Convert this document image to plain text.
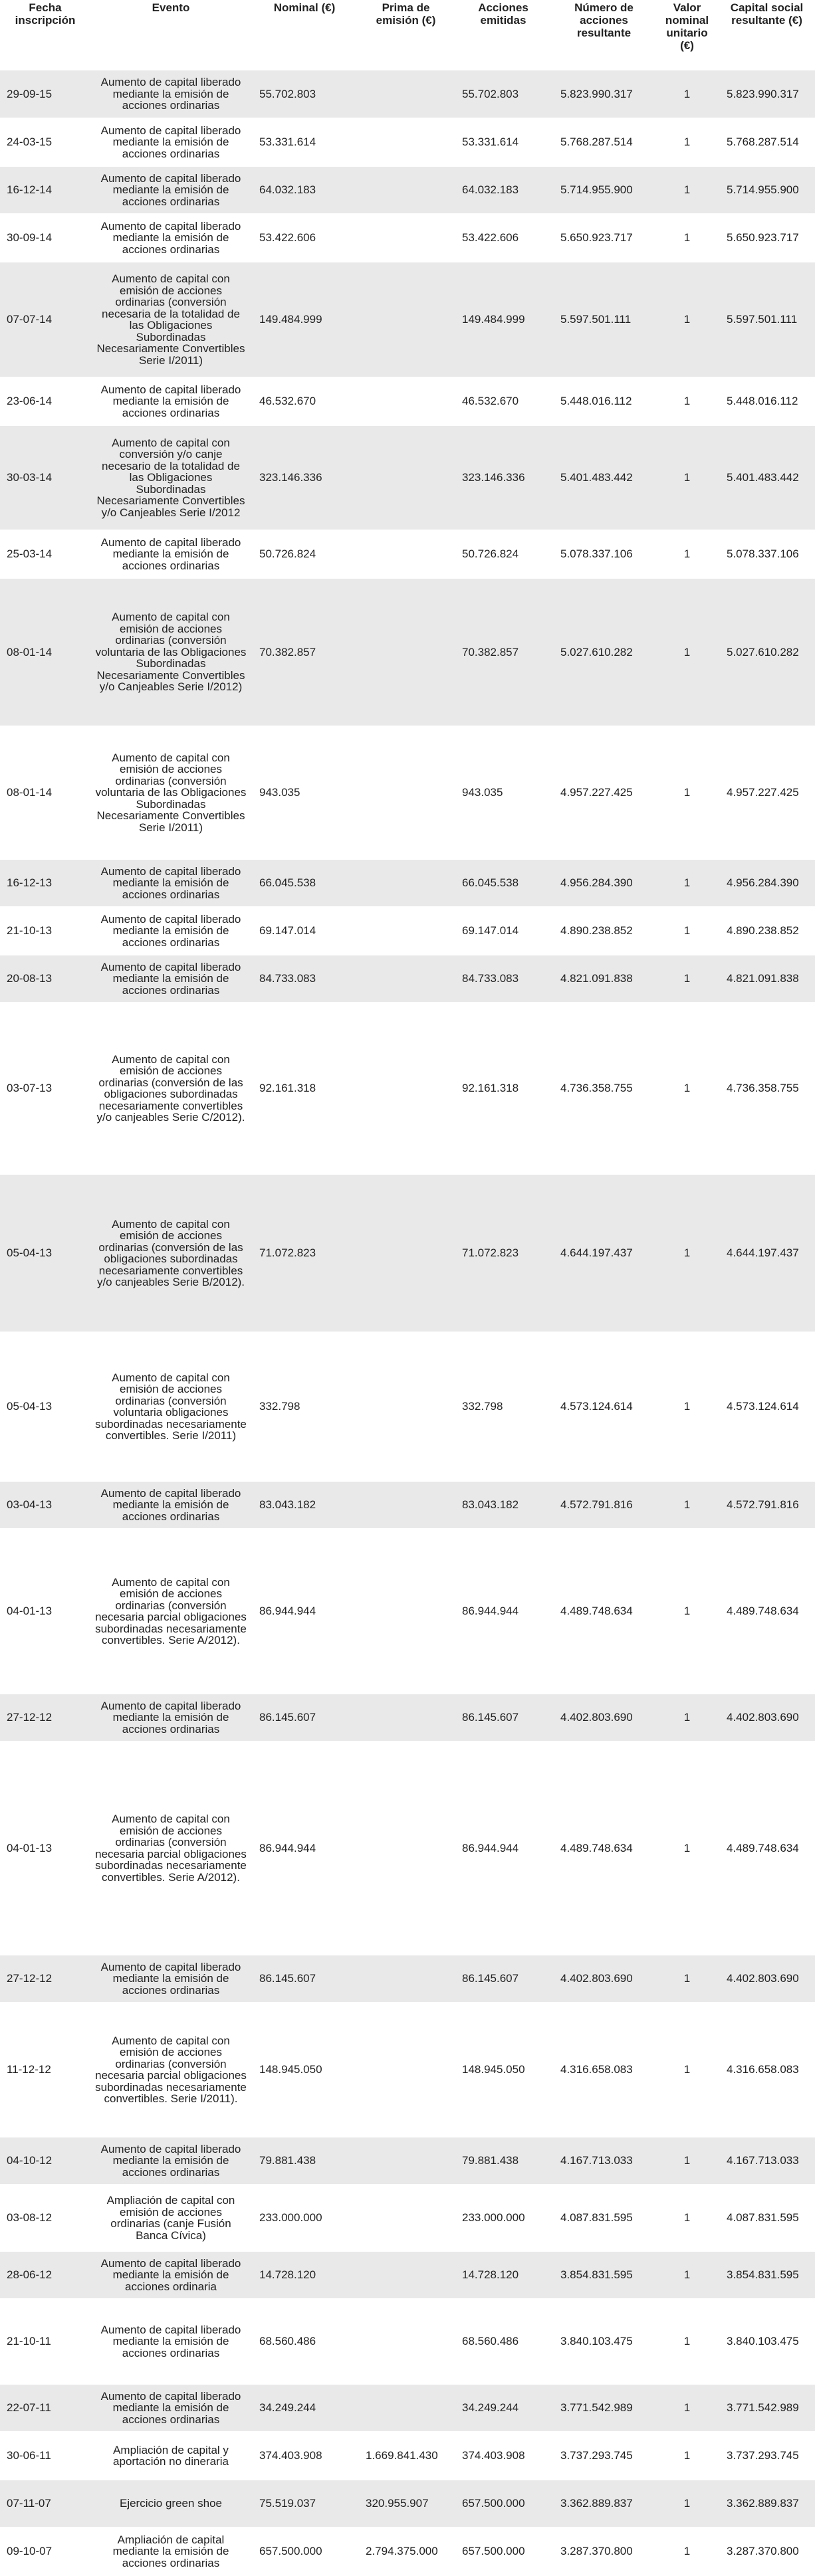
Fecha inscripción	Evento	Nominal (€)	Prima de emisión (€)	Acciones emitidas	Número de acciones resultante	Valor nominal unitario (€)	Capital social resultante (€)
29-09-15	Aumento de capital liberado mediante la emisión de acciones ordinarias	55.702.803		55.702.803	5.823.990.317	1	5.823.990.317
24-03-15	Aumento de capital liberado mediante la emisión de acciones ordinarias	53.331.614		53.331.614	5.768.287.514	1	5.768.287.514
16-12-14	Aumento de capital liberado mediante la emisión de acciones ordinarias	64.032.183		64.032.183	5.714.955.900	1	5.714.955.900
30-09-14	Aumento de capital liberado mediante la emisión de acciones ordinarias	53.422.606		53.422.606	5.650.923.717	1	5.650.923.717
07-07-14	Aumento de capital con emisión de acciones ordinarias (conversión necesaria de la totalidad de las Obligaciones Subordinadas Necesariamente Convertibles Serie I/2011)	149.484.999		149.484.999	5.597.501.111	1	5.597.501.111
23-06-14	Aumento de capital liberado mediante la emisión de acciones ordinarias	46.532.670		46.532.670	5.448.016.112	1	5.448.016.112
30-03-14	Aumento de capital con conversión y/o canje necesario de la totalidad de las Obligaciones Subordinadas Necesariamente Convertibles y/o Canjeables Serie I/2012	323.146.336		323.146.336	5.401.483.442	1	5.401.483.442
25-03-14	Aumento de capital liberado mediante la emisión de acciones ordinarias	50.726.824		50.726.824	5.078.337.106	1	5.078.337.106
08-01-14	Aumento de capital con emisión de acciones ordinarias (conversión voluntaria de las Obligaciones Subordinadas Necesariamente Convertibles y/o Canjeables Serie I/2012)	70.382.857		70.382.857	5.027.610.282	1	5.027.610.282
08-01-14	Aumento de capital con emisión de acciones ordinarias (conversión voluntaria de las Obligaciones Subordinadas Necesariamente Convertibles Serie I/2011)	943.035		943.035	4.957.227.425	1	4.957.227.425
16-12-13	Aumento de capital liberado mediante la emisión de acciones ordinarias	66.045.538		66.045.538	4.956.284.390	1	4.956.284.390
21-10-13	Aumento de capital liberado mediante la emisión de acciones ordinarias	69.147.014		69.147.014	4.890.238.852	1	4.890.238.852
20-08-13	Aumento de capital liberado mediante la emisión de acciones ordinarias	84.733.083		84.733.083	4.821.091.838	1	4.821.091.838
03-07-13	Aumento de capital con emisión de acciones ordinarias (conversión de las obligaciones subordinadas necesariamente convertibles y/o canjeables Serie C/2012).	92.161.318		92.161.318	4.736.358.755	1	4.736.358.755
05-04-13	Aumento de capital con emisión de acciones ordinarias (conversión de las obligaciones subordinadas necesariamente convertibles y/o canjeables Serie B/2012).	71.072.823		71.072.823	4.644.197.437	1	4.644.197.437
05-04-13	Aumento de capital con emisión de acciones ordinarias (conversión voluntaria obligaciones subordinadas necesariamente convertibles. Serie I/2011)	332.798		332.798	4.573.124.614	1	4.573.124.614
03-04-13	Aumento de capital liberado mediante la emisión de acciones ordinarias	83.043.182		83.043.182	4.572.791.816	1	4.572.791.816
04-01-13	Aumento de capital con emisión de acciones ordinarias (conversión necesaria parcial obligaciones subordinadas necesariamente convertibles. Serie A/2012).	86.944.944		86.944.944	4.489.748.634	1	4.489.748.634
27-12-12	Aumento de capital liberado mediante la emisión de acciones ordinarias	86.145.607		86.145.607	4.402.803.690	1	4.402.803.690
04-01-13	Aumento de capital con emisión de acciones ordinarias (conversión necesaria parcial obligaciones subordinadas necesariamente convertibles. Serie A/2012).	86.944.944		86.944.944	4.489.748.634	1	4.489.748.634
27-12-12	Aumento de capital liberado mediante la emisión de acciones ordinarias	86.145.607		86.145.607	4.402.803.690	1	4.402.803.690
11-12-12	Aumento de capital con emisión de acciones ordinarias (conversión necesaria parcial obligaciones subordinadas necesariamente convertibles. Serie I/2011).	148.945.050		148.945.050	4.316.658.083	1	4.316.658.083
04-10-12	Aumento de capital liberado mediante la emisión de acciones ordinarias	79.881.438		79.881.438	4.167.713.033	1	4.167.713.033
03-08-12	Ampliación de capital con emisión de acciones ordinarias (canje Fusión Banca Cívica)	233.000.000		233.000.000	4.087.831.595	1	4.087.831.595
28-06-12	Aumento de capital liberado mediante la emisión de acciones ordinaria	14.728.120		14.728.120	3.854.831.595	1	3.854.831.595
21-10-11	Aumento de capital liberado mediante la emisión de acciones ordinarias	68.560.486		68.560.486	3.840.103.475	1	3.840.103.475
22-07-11	Aumento de capital liberado mediante la emisión de acciones ordinarias	34.249.244		34.249.244	3.771.542.989	1	3.771.542.989
30-06-11	Ampliación de capital y aportación no dineraria	374.403.908	1.669.841.430	374.403.908	3.737.293.745	1	3.737.293.745
07-11-07	Ejercicio green shoe	75.519.037	320.955.907	657.500.000	3.362.889.837	1	3.362.889.837
09-10-07	Ampliación de capital mediante la emisión de acciones ordinarias	657.500.000	2.794.375.000	657.500.000	3.287.370.800	1	3.287.370.800
